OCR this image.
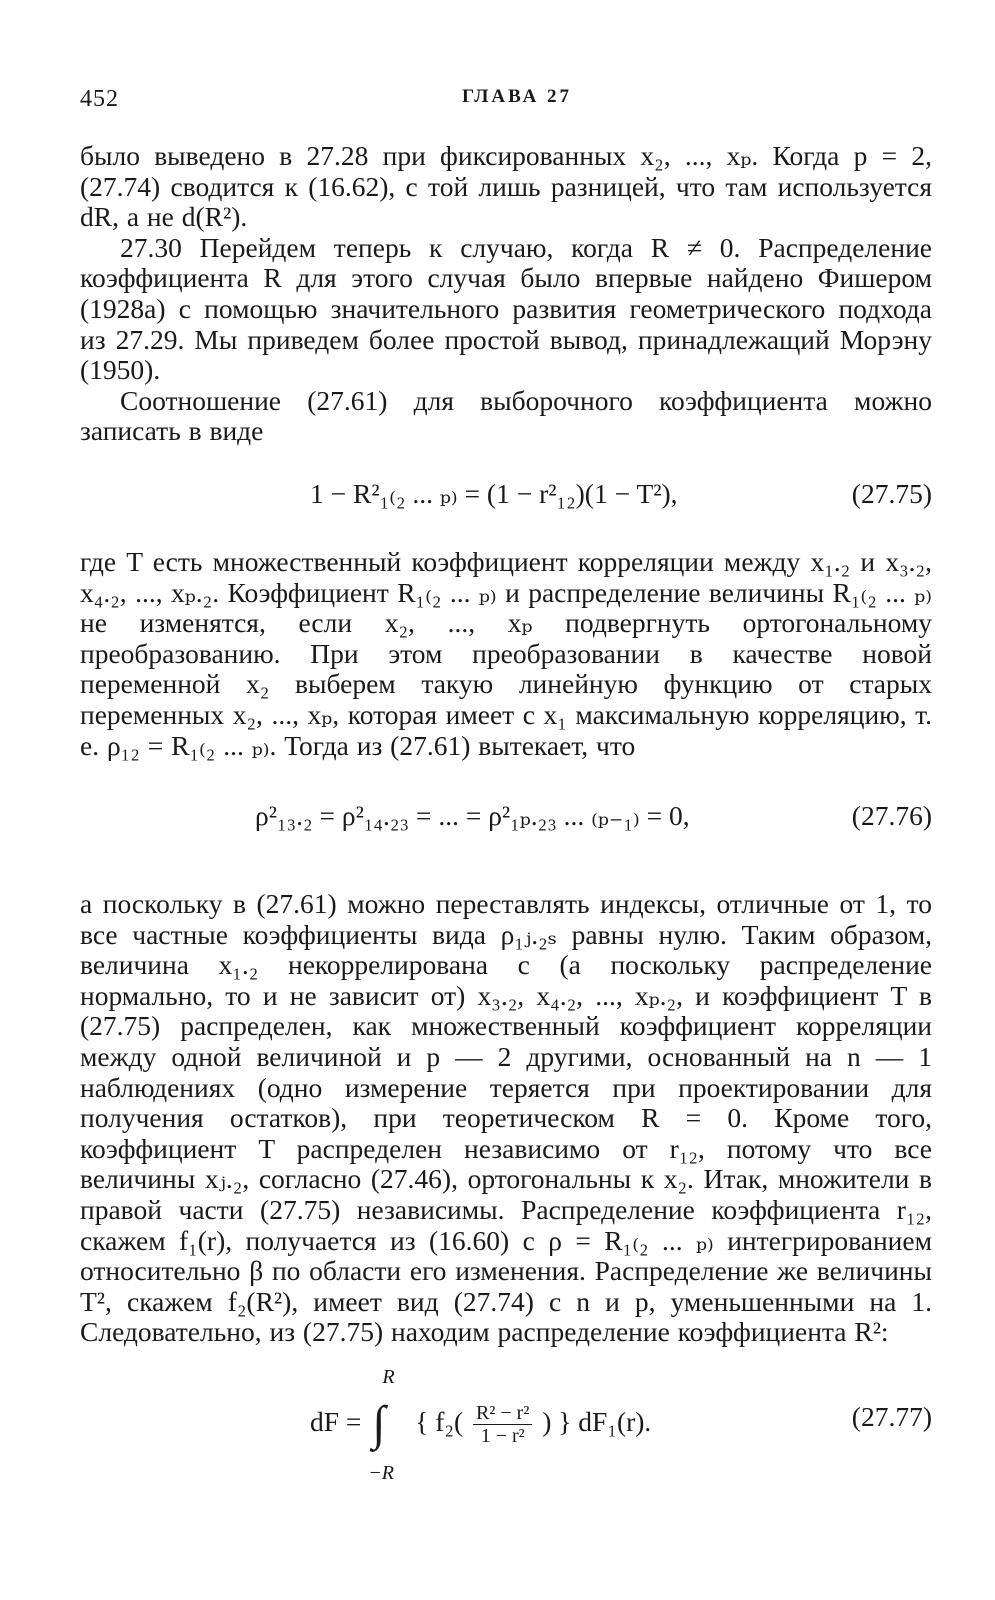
452	ГЛАВА 27

было выведено в 27.28 при фиксированных x₂, ..., xₚ. Когда p = 2, (27.74) сводится к (16.62), с той лишь разницей, что там используется dR, а не d(R²).

27.30 Перейдем теперь к случаю, когда R ≠ 0. Распределение коэффициента R для этого случая было впервые найдено Фишером (1928a) с помощью значительного развития геометрического подхода из 27.29. Мы приведем более простой вывод, принадлежащий Морэну (1950).

Соотношение (27.61) для выборочного коэффициента можно записать в виде

1 − R²₁₍₂ ... ₚ₎ = (1 − r²₁₂)(1 − T²),	(27.75)

где T есть множественный коэффициент корреляции между x₁.₂ и x₃.₂, x₄.₂, ..., xₚ.₂. Коэффициент R₁₍₂ ... ₚ₎ и распределение величины R₁₍₂ ... ₚ₎ не изменятся, если x₂, ..., xₚ подвергнуть ортогональному преобразованию. При этом преобразовании в качестве новой переменной x₂ выберем такую линейную функцию от старых переменных x₂, ..., xₚ, которая имеет с x₁ максимальную корреляцию, т. е. ρ₁₂ = R₁₍₂ ... ₚ₎. Тогда из (27.61) вытекает, что

ρ²₁₃.₂ = ρ²₁₄.₂₃ = ... = ρ²₁ₚ.₂₃ ... ₍ₚ₋₁₎ = 0,	(27.76)

а поскольку в (27.61) можно переставлять индексы, отличные от 1, то все частные коэффициенты вида ρ₁ⱼ.₂ₛ равны нулю. Таким образом, величина x₁.₂ некоррелирована с (а поскольку распределение нормально, то и не зависит от) x₃.₂, x₄.₂, ..., xₚ.₂, и коэффициент T в (27.75) распределен, как множественный коэффициент корреляции между одной величиной и p — 2 другими, основанный на n — 1 наблюдениях (одно измерение теряется при проектировании для получения остатков), при теоретическом R = 0. Кроме того, коэффициент T распределен независимо от r₁₂, потому что все величины xⱼ.₂, согласно (27.46), ортогональны к x₂. Итак, множители в правой части (27.75) независимы. Распределение коэффициента r₁₂, скажем f₁(r), получается из (16.60) с ρ = R₁₍₂ ... ₚ₎ интегрированием относительно β по области его изменения. Распределение же величины T², скажем f₂(R²), имеет вид (27.74) с n и p, уменьшенными на 1. Следовательно, из (27.75) находим распределение коэффициента R²:

dF =
R
∫
−R
{ $f_2( \frac{\text{R² − r²}}{\text{1 − r²}}$ ) } dF₁(r).	(27.77)
